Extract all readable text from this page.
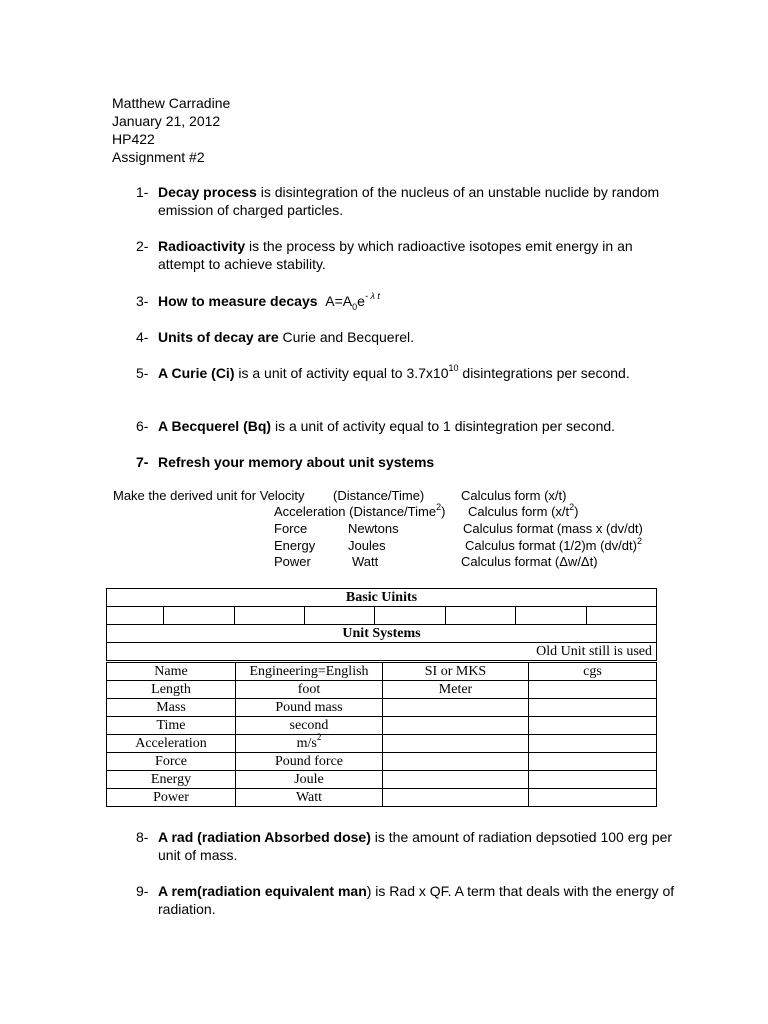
Matthew Carradine
January 21, 2012
HP422
Assignment #2
1- Decay process is disintegration of the nucleus of an unstable nuclide by random emission of charged particles.
2- Radioactivity is the process by which radioactive isotopes emit energy in an attempt to achieve stability.
3- How to measure decays $A=A_0e^{- \lambda t}$
4- Units of decay are Curie and Becquerel.
5- A Curie (Ci) is a unit of activity equal to $3.7x10^{10}$ disintegrations per second.
6- A Becquerel (Bq) is a unit of activity equal to 1 disintegration per second.
7- Refresh your memory about unit systems
Make the derived unit for Velocity (Distance/Time)	Calculus form (x/t)
Acceleration (Distance/Time$^2$) Calculus form $(x/t^2)$
Force	Newtons	Calculus format (mass x (dv/dt)
Energy	Joules	Calculus format (1/2)m $(dv/dt)^2$
Power	Watt	Calculus format (Δw/Δt)
Basic Uinits

Unit Systems
Old Unit still is used
Name	Engineering=English	SI or MKS	cgs
Length	foot	Meter	
Mass	Pound mass		
Time	second		
Acceleration	$m/s^2$		
Force	Pound force		
Energy	Joule		
Power	Watt		
8- A rad (radiation Absorbed dose) is the amount of radiation depsotied 100 erg per unit of mass.
9- A rem(radiation equivalent man) is Rad x QF. A term that deals with the energy of radiation.
